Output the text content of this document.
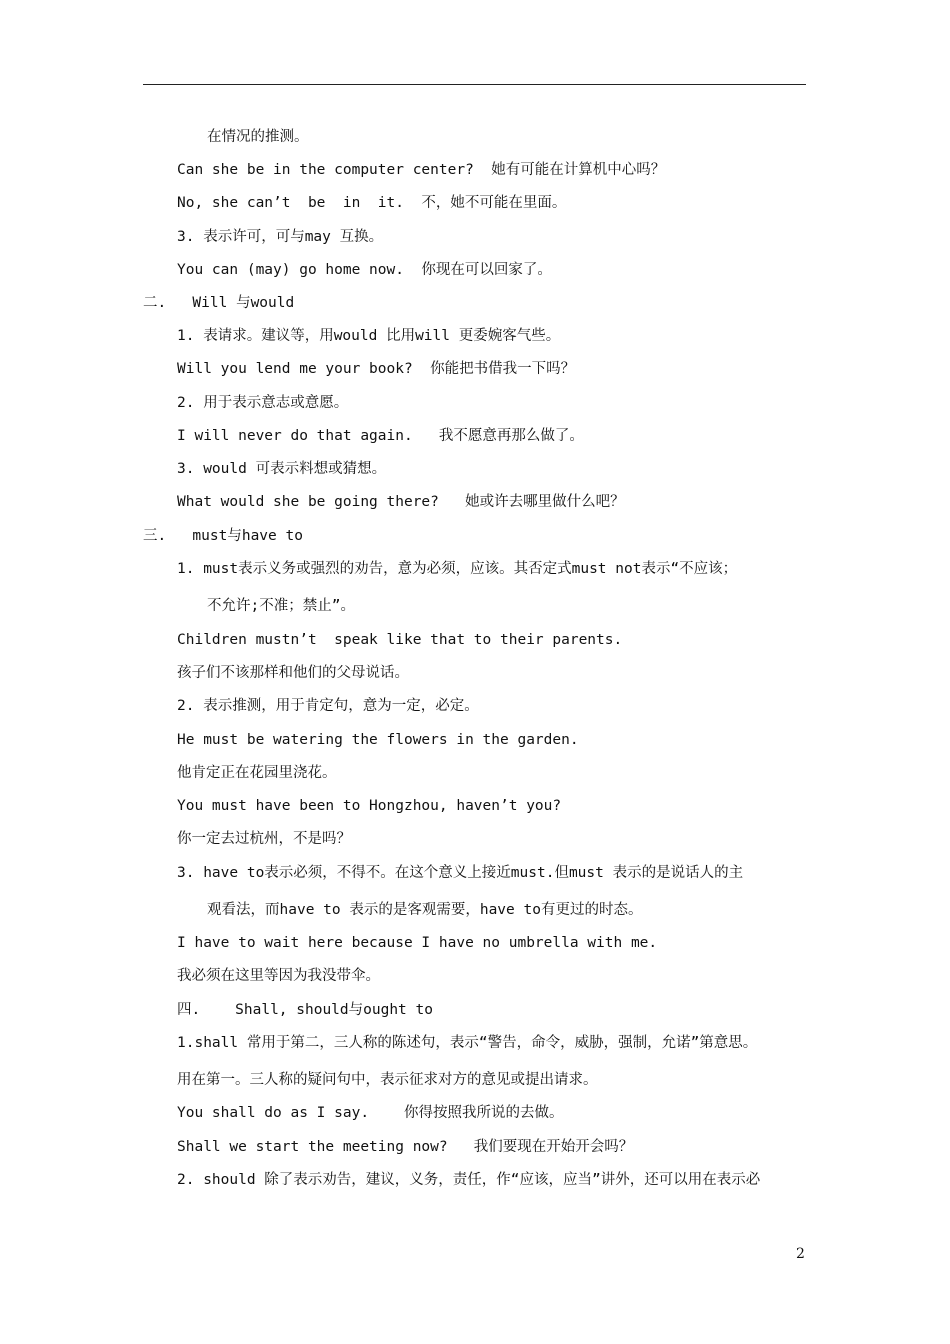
在情况的推测。
Can she be in the computer center?  她有可能在计算机中心吗？
No, she can’t  be  in  it.  不，她不可能在里面。
3. 表示许可，可与may 互换。
You can (may) go home now.  你现在可以回家了。
二.   Will 与would
1. 表请求。建议等，用would 比用will 更委婉客气些。
Will you lend me your book?  你能把书借我一下吗？
2. 用于表示意志或意愿。
I will never do that again.   我不愿意再那么做了。
3. would 可表示料想或猜想。
What would she be going there?   她或许去哪里做什么吧？
三.   must与have to
1. must表示义务或强烈的劝告，意为必须，应该。其否定式must not表示“不应该；
不允许;不准；禁止”。
Children mustn’t  speak like that to their parents.
孩子们不该那样和他们的父母说话。
2. 表示推测，用于肯定句，意为一定，必定。
He must be watering the flowers in the garden.
他肯定正在花园里浇花。
You must have been to Hongzhou, haven’t you?
你一定去过杭州，不是吗？
3. have to表示必须，不得不。在这个意义上接近must.但must 表示的是说话人的主
观看法，而have to 表示的是客观需要，have to有更过的时态。
I have to wait here because I have no umbrella with me.
我必须在这里等因为我没带伞。
四.    Shall, should与ought to
1.shall 常用于第二，三人称的陈述句，表示“警告，命令，威胁，强制，允诺”第意思。
用在第一。三人称的疑问句中，表示征求对方的意见或提出请求。
You shall do as I say.    你得按照我所说的去做。
Shall we start the meeting now?   我们要现在开始开会吗？
2. should 除了表示劝告，建议，义务，责任，作“应该，应当”讲外，还可以用在表示必
2
